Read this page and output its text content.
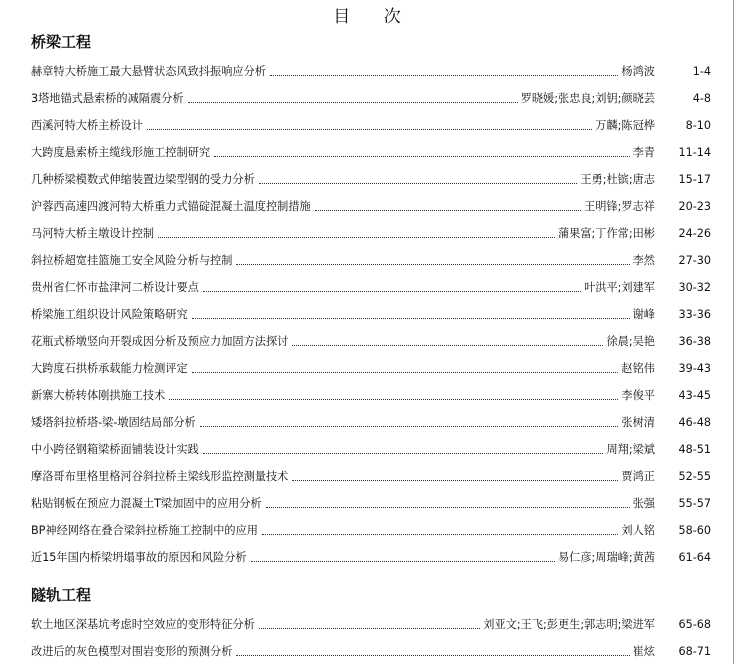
目 次
桥梁工程
赫章特大桥施工最大悬臂状态风致抖振响应分析	杨鸿波	1-4
3塔地锚式悬索桥的减隔震分析	罗晓媛;张忠良;刘钥;颜晓芸	4-8
西溪河特大桥主桥设计	万麟;陈冠桦	8-10
大跨度悬索桥主缆线形施工控制研究	李青	11-14
几种桥梁模数式伸缩装置边梁型钢的受力分析	王勇;杜镔;唐志	15-17
沪蓉西高速四渡河特大桥重力式锚碇混凝土温度控制措施	王明锋;罗志祥	20-23
马河特大桥主墩设计控制	蒲果富;丁作常;田彬	24-26
斜拉桥超宽挂篮施工安全风险分析与控制	李然	27-30
贵州省仁怀市盐津河二桥设计要点	叶洪平;刘建军	30-32
桥梁施工组织设计风险策略研究	谢峰	33-36
花瓶式桥墩竖向开裂成因分析及预应力加固方法探讨	徐晨;吴艳	36-38
大跨度石拱桥承载能力检测评定	赵铭伟	39-43
新寨大桥转体刚拱施工技术	李俊平	43-45
矮塔斜拉桥塔-梁-墩固结局部分析	张树清	46-48
中小跨径钢箱梁桥面铺装设计实践	周翔;梁斌	48-51
摩洛哥布里格里格河谷斜拉桥主梁线形监控测量技术	贾鸿正	52-55
粘贴钢板在预应力混凝土T梁加固中的应用分析	张强	55-57
BP神经网络在叠合梁斜拉桥施工控制中的应用	刘人铭	58-60
近15年国内桥梁坍塌事故的原因和风险分析	易仁彦;周瑞峰;黄茜	61-64
隧轨工程
软土地区深基坑考虑时空效应的变形特征分析	刘亚文;王飞;彭更生;郭志明;梁进军	65-68
改进后的灰色模型对围岩变形的预测分析	崔炫	68-71
